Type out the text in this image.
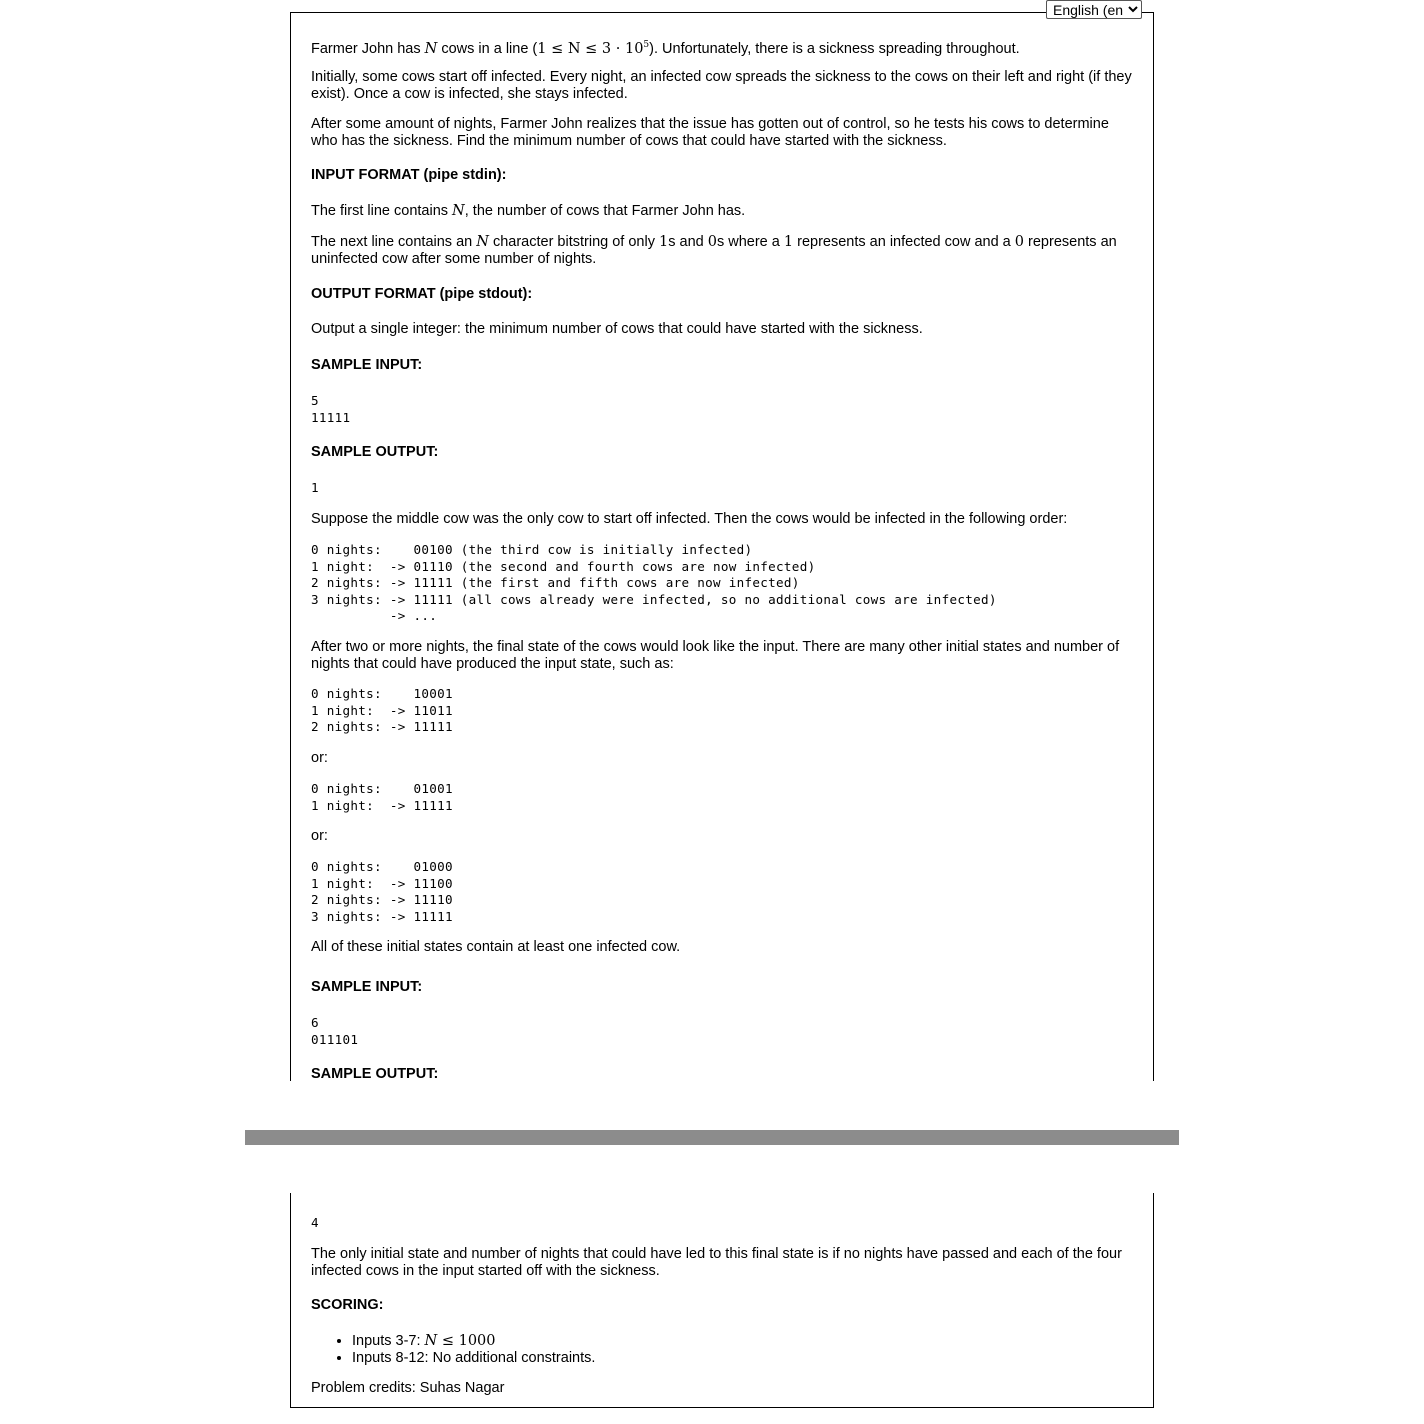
Farmer John has N cows in a line $(1 \le N \le 3 \cdot 10^5)$. Unfortunately, there is a sickness spreading throughout.

Initially, some cows start off infected. Every night, an infected cow spreads the sickness to the cows on their left and right (if they exist). Once a cow is infected, she stays infected.

After some amount of nights, Farmer John realizes that the issue has gotten out of control, so he tests his cows to determine who has the sickness. Find the minimum number of cows that could have started with the sickness.

INPUT FORMAT (pipe stdin):

The first line contains N, the number of cows that Farmer John has.

The next line contains an N character bitstring of only 1s and 0s where a 1 represents an infected cow and a 0 represents an uninfected cow after some number of nights.

OUTPUT FORMAT (pipe stdout):

Output a single integer: the minimum number of cows that could have started with the sickness.

SAMPLE INPUT:

5
11111

SAMPLE OUTPUT:

1

Suppose the middle cow was the only cow to start off infected. Then the cows would be infected in the following order:

0 nights:    00100 (the third cow is initially infected)
1 night:  -> 01110 (the second and fourth cows are now infected)
2 nights: -> 11111 (the first and fifth cows are now infected)
3 nights: -> 11111 (all cows already were infected, so no additional cows are infected)
-> ...

After two or more nights, the final state of the cows would look like the input. There are many other initial states and number of nights that could have produced the input state, such as:

0 nights:    10001
1 night:  -> 11011
2 nights: -> 11111

or:

0 nights:    01001
1 night:  -> 11111

or:

0 nights:    01000
1 night:  -> 11100
2 nights: -> 11110
3 nights: -> 11111

All of these initial states contain at least one infected cow.

SAMPLE INPUT:

6
011101

SAMPLE OUTPUT:

English (en)
4

The only initial state and number of nights that could have led to this final state is if no nights have passed and each of the four infected cows in the input started off with the sickness.

SCORING:

• Inputs 3-7: N ≤ 1000
• Inputs 8-12: No additional constraints.

Problem credits: Suhas Nagar
